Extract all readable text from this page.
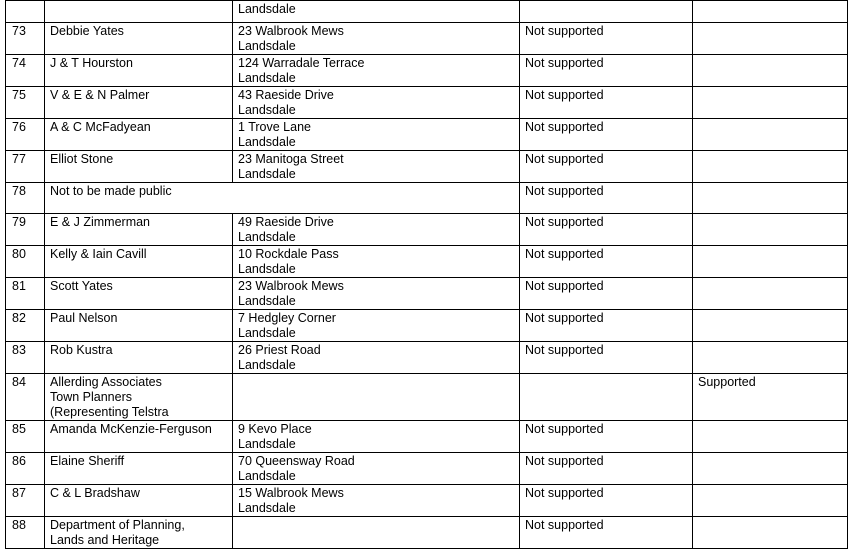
		Landsdale		

73	Debbie Yates	23 Walbrook Mews
Landsdale	Not supported	
74	J & T Hourston	124 Warradale Terrace
Landsdale	Not supported	
75	V & E & N Palmer	43 Raeside Drive
Landsdale	Not supported	
76	A & C McFadyean	1 Trove Lane
Landsdale	Not supported	
77	Elliot Stone	23 Manitoga Street
Landsdale	Not supported	
78	Not to be made public		Not supported	
79	E & J Zimmerman	49 Raeside Drive
Landsdale	Not supported	
80	Kelly & Iain Cavill	10 Rockdale Pass
Landsdale	Not supported	
81	Scott Yates	23 Walbrook Mews
Landsdale	Not supported	
82	Paul Nelson	7 Hedgley Corner
Landsdale	Not supported	
83	Rob Kustra	26 Priest Road
Landsdale	Not supported	
84	Allerding Associates
Town Planners
(Representing Telstra			Supported
85	Amanda McKenzie-Ferguson	9 Kevo Place
Landsdale	Not supported	
86	Elaine Sheriff	70 Queensway Road
Landsdale	Not supported	
87	C & L Bradshaw	15 Walbrook Mews
Landsdale	Not supported	
88	Department of Planning,
Lands and Heritage		Not supported	
